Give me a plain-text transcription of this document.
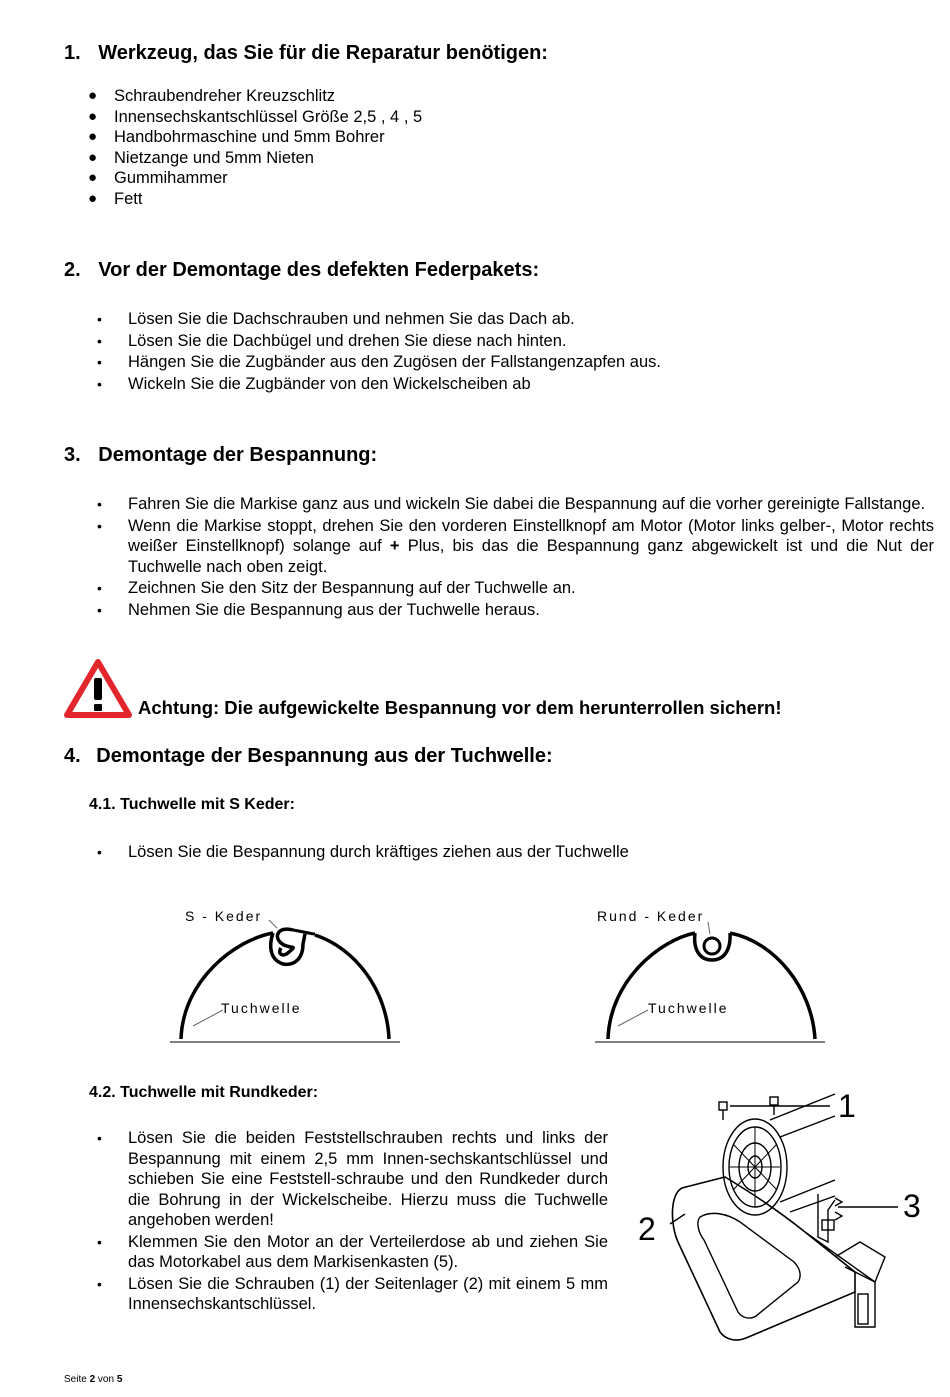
1. Werkzeug, das Sie für die Reparatur benötigen:
● Schraubendreher Kreuzschlitz
● Innensechskantschlüssel Größe 2,5 , 4 , 5
● Handbohrmaschine und 5mm Bohrer
● Nietzange und 5mm Nieten
● Gummihammer
● Fett
2. Vor der Demontage des defekten Federpakets:
• Lösen Sie die Dachschrauben und nehmen Sie das Dach ab.
• Lösen Sie die Dachbügel und drehen Sie diese nach hinten.
• Hängen Sie die Zugbänder aus den Zugösen der Fallstangenzapfen aus.
• Wickeln Sie die Zugbänder von den Wickelscheiben ab
3. Demontage der Bespannung:
• Fahren Sie die Markise ganz aus und wickeln Sie dabei die Bespannung auf die vorher gereinigte Fallstange.
• Wenn die Markise stoppt, drehen Sie den vorderen Einstellknopf am Motor (Motor links gelber-, Motor rechts weißer Einstellknopf) solange auf + Plus, bis das die Bespannung ganz abgewickelt ist und die Nut der Tuchwelle nach oben zeigt.
• Zeichnen Sie den Sitz der Bespannung auf der Tuchwelle an.
• Nehmen Sie die Bespannung aus der Tuchwelle heraus.
Achtung: Die aufgewickelte Bespannung vor dem herunterrollen sichern!
4. Demontage der Bespannung aus der Tuchwelle:
4.1. Tuchwelle mit S Keder:
• Lösen Sie die Bespannung durch kräftiges ziehen aus der Tuchwelle
S - Keder
Tuchwelle
Rund - Keder
Tuchwelle
4.2. Tuchwelle mit Rundkeder:
• Lösen Sie die beiden Feststellschrauben rechts und links der Bespannung mit einem 2,5 mm Innen-sechskantschlüssel und schieben Sie eine Feststell-schraube und den Rundkeder durch die Bohrung in der Wickelscheibe. Hierzu muss die Tuchwelle angehoben werden!
• Klemmen Sie den Motor an der Verteilerdose ab und ziehen Sie das Motorkabel aus dem Markisenkasten (5).
• Lösen Sie die Schrauben (1) der Seitenlager (2) mit einem 5 mm Innensechskantschlüssel.
1
2
3
Seite 2 von 5
